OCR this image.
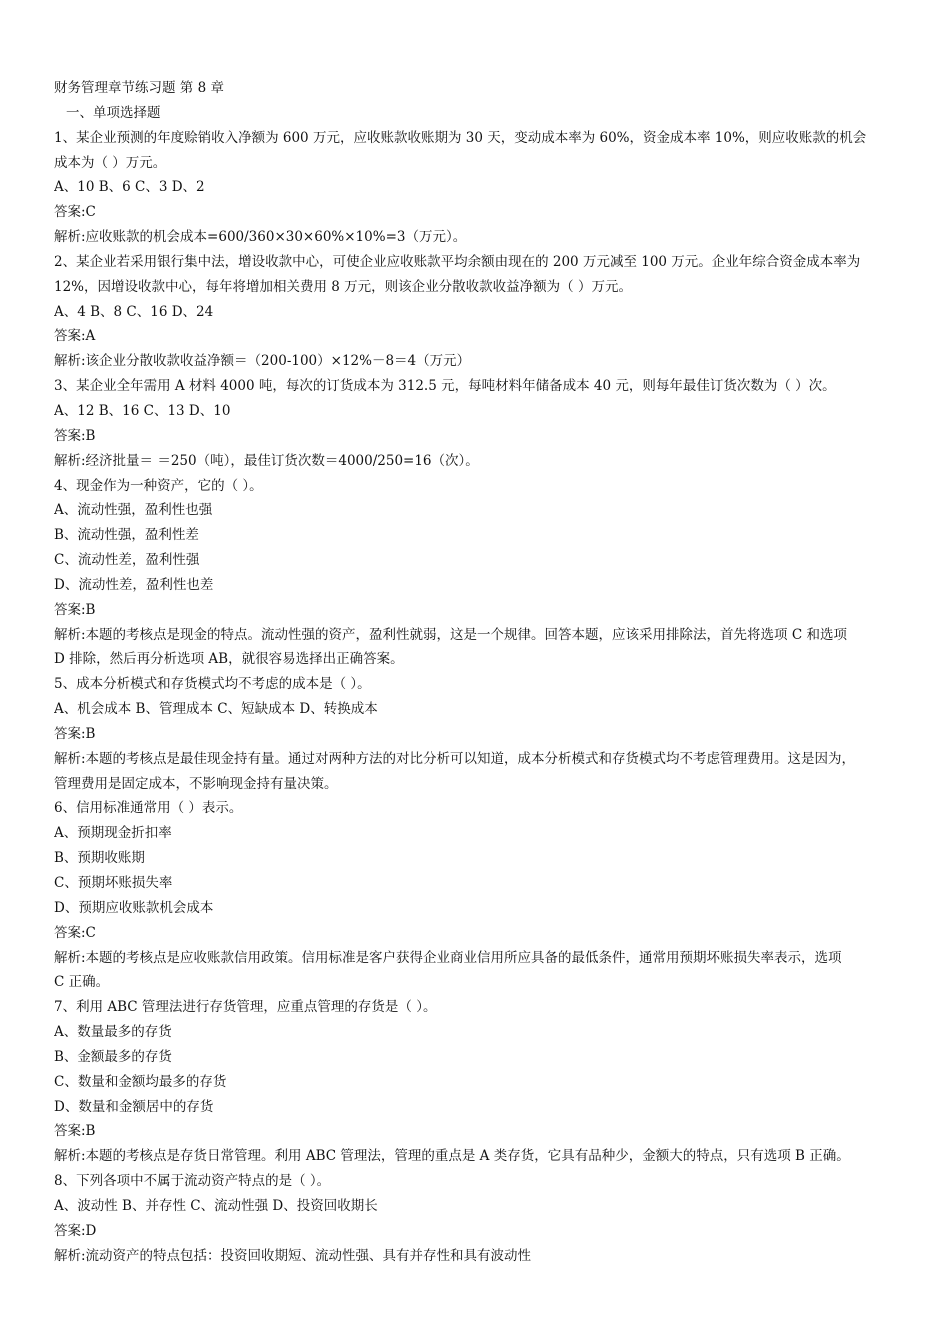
财务管理章节练习题 第 8 章
一、单项选择题
1、某企业预测的年度赊销收入净额为 600 万元，应收账款收账期为 30 天，变动成本率为 60%，资金成本率 10%，则应收账款的机会
成本为（ ）万元。
A、10 B、6 C、3 D、2
答案:C
解析:应收账款的机会成本=600/360×30×60%×10%=3（万元）。
2、某企业若采用银行集中法，增设收款中心，可使企业应收账款平均余额由现在的 200 万元减至 100 万元。企业年综合资金成本率为
12%，因增设收款中心，每年将增加相关费用 8 万元，则该企业分散收款收益净额为（ ）万元。
A、4 B、8 C、16 D、24
答案:A
解析:该企业分散收款收益净额＝（200-100）×12%－8＝4（万元）
3、某企业全年需用 A 材料 4000 吨，每次的订货成本为 312.5 元，每吨材料年储备成本 40 元，则每年最佳订货次数为（ ）次。
A、12 B、16 C、13 D、10
答案:B
解析:经济批量＝ ＝250（吨），最佳订货次数＝4000/250=16（次）。
4、现金作为一种资产，它的（ ）。
A、流动性强，盈利性也强
B、流动性强，盈利性差
C、流动性差，盈利性强
D、流动性差，盈利性也差
答案:B
解析:本题的考核点是现金的特点。流动性强的资产，盈利性就弱，这是一个规律。回答本题，应该采用排除法，首先将选项 C 和选项
D 排除，然后再分析选项 AB，就很容易选择出正确答案。
5、成本分析模式和存货模式均不考虑的成本是（ ）。
A、机会成本 B、管理成本 C、短缺成本 D、转换成本
答案:B
解析:本题的考核点是最佳现金持有量。通过对两种方法的对比分析可以知道，成本分析模式和存货模式均不考虑管理费用。这是因为，
管理费用是固定成本，不影响现金持有量决策。
6、信用标准通常用（ ）表示。
A、预期现金折扣率
B、预期收账期
C、预期坏账损失率
D、预期应收账款机会成本
答案:C
解析:本题的考核点是应收账款信用政策。信用标准是客户获得企业商业信用所应具备的最低条件，通常用预期坏账损失率表示，选项
C 正确。
7、利用 ABC 管理法进行存货管理，应重点管理的存货是（ ）。
A、数量最多的存货
B、金额最多的存货
C、数量和金额均最多的存货
D、数量和金额居中的存货
答案:B
解析:本题的考核点是存货日常管理。利用 ABC 管理法，管理的重点是 A 类存货，它具有品种少，金额大的特点，只有选项 B 正确。
8、下列各项中不属于流动资产特点的是（ ）。
A、波动性 B、并存性 C、流动性强 D、投资回收期长
答案:D
解析:流动资产的特点包括：投资回收期短、流动性强、具有并存性和具有波动性
